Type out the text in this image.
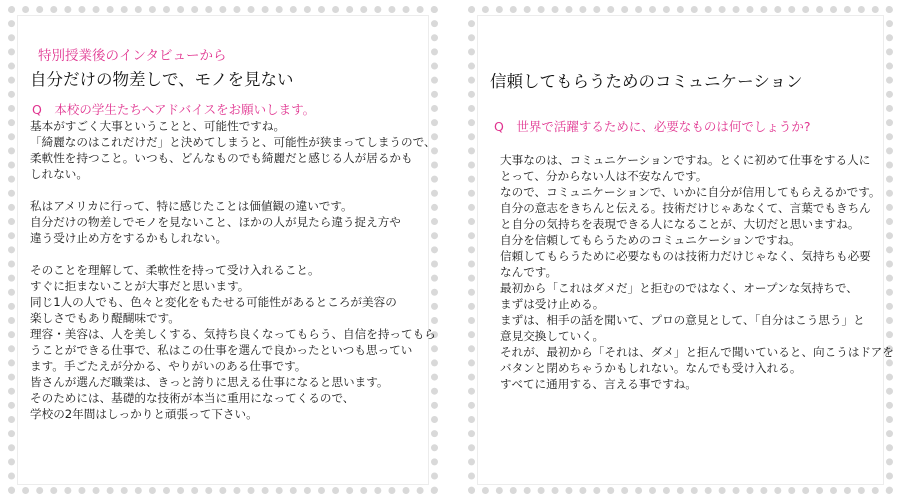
特別授業後のインタビューから
自分だけの物差しで、モノを見ない
Q　本校の学生たちへアドバイスをお願いします。

基本がすごく大事ということと、可能性ですね。

「綺麗なのはこれだけだ」と決めてしまうと、可能性が狭まってしまうので、

柔軟性を持つこと。いつも、どんなものでも綺麗だと感じる人が居るかも

しれない。

私はアメリカに行って、特に感じたことは価値観の違いです。

自分だけの物差しでモノを見ないこと、ほかの人が見たら違う捉え方や

違う受け止め方をするかもしれない。

そのことを理解して、柔軟性を持って受け入れること。

すぐに拒まないことが大事だと思います。

同じ1人の人でも、色々と変化をもたせる可能性があるところが美容の

楽しさでもあり醍醐味です。

理容・美容は、人を美しくする、気持ち良くなってもらう、自信を持ってもら

うことができる仕事で、私はこの仕事を選んで良かったといつも思ってい

ます。手ごたえが分かる、やりがいのある仕事です。

皆さんが選んだ職業は、きっと誇りに思える仕事になると思います。

そのためには、基礎的な技術が本当に重用になってくるので、

学校の2年間はしっかりと頑張って下さい。

信頼してもらうためのコミュニケーション
Q　世界で活躍するために、必要なものは何でしょうか?

大事なのは、コミュニケーションですね。とくに初めて仕事をする人に

とって、分からない人は不安なんです。

なので、コミュニケーションで、いかに自分が信用してもらえるかです。

自分の意志をきちんと伝える。技術だけじゃあなくて、言葉でもきちん

と自分の気持ちを表現できる人になることが、大切だと思いますね。

自分を信頼してもらうためのコミュニケーションですね。

信頼してもらうために必要なものは技術力だけじゃなく、気持ちも必要

なんです。

最初から「これはダメだ」と拒むのではなく、オープンな気持ちで、

まずは受け止める。

まずは、相手の話を聞いて、プロの意見として、「自分はこう思う」と

意見交換していく。

それが、最初から「それは、ダメ」と拒んで聞いていると、向こうはドアを

バタンと閉めちゃうかもしれない。なんでも受け入れる。

すべてに通用する、言える事ですね。
